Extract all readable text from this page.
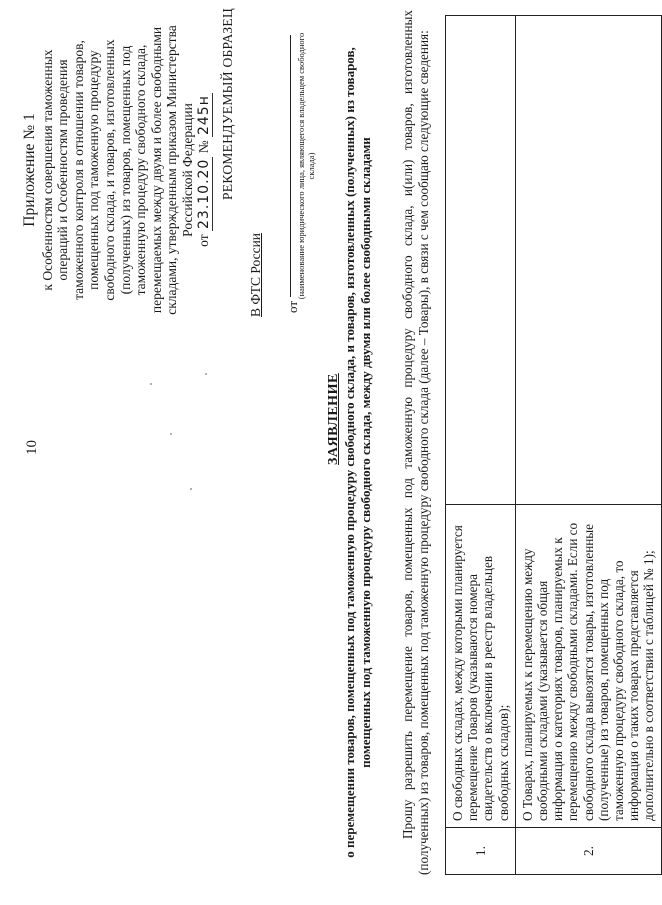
10
Приложение № 1 к Особенностям совершения таможенных операций и Особенностям проведения таможенного контроля в отношении товаров, помещенных под таможенную процедуру свободного склада, и товаров, изготовленных (полученных) из товаров, помещенных под таможенную процедуру свободного склада, перемещаемых между двумя и более свободными складами, утвержденным приказом Министерства Российской Федерации
от 23.10.20 № 245н РЕКОМЕНДУЕМЫЙ ОБРАЗЕЦ
В ФТС России от
(наименование юридического лица, являющегося владельцем свободного склада)
ЗАЯВЛЕНИЕ о перемещении товаров, помещенных под таможенную процедуру свободного склада, и товаров, изготовленных (полученных) из товаров, помещенных под таможенную процедуру свободного склада, между двумя или более свободными складами Прошу разрешить перемещение товаров, помещенных под таможенную процедуру свободного склада, и(или) товаров, изготовленных (полученных) из товаров, помещенных под таможенную процедуру свободного склада (далее – Товары), в связи с чем сообщаю следующие сведения:	1.	О свободных складах, между которыми планируется перемещение Товаров (указываются номера свидетельств о включении в реестр владельцев свободных складов);	
2.	О Товарах, планируемых к перемещению между свободными складами (указывается общая информация о категориях товаров, планируемых к перемещению между свободными складами. Если со свободного склада вывозятся товары, изготовленные (полученные) из товаров, помещенных под таможенную процедуру свободного склада, то информация о таких товарах представляется дополнительно в соответствии с таблицей № 1);	
